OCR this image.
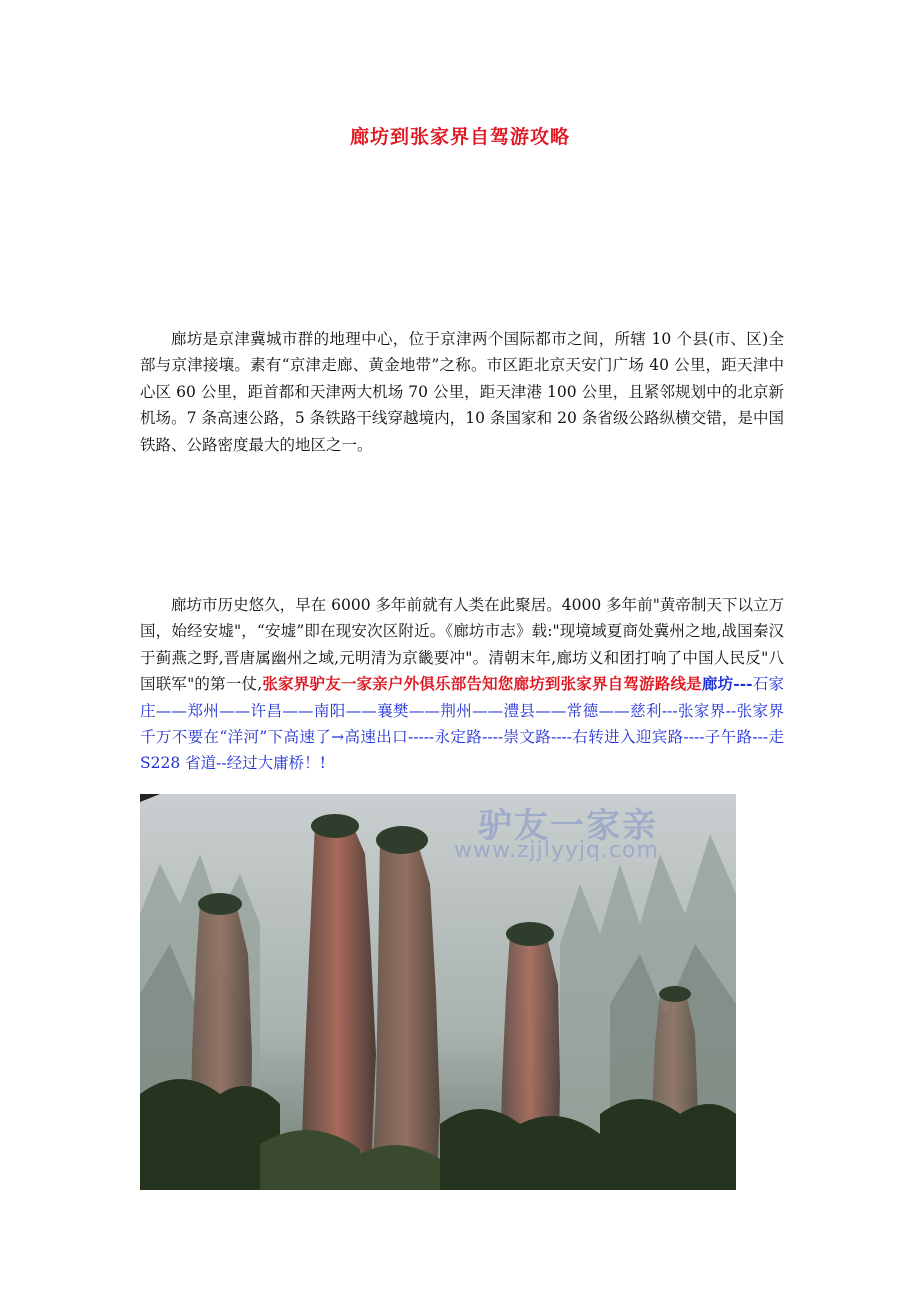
廊坊到张家界自驾游攻略

廊坊是京津冀城市群的地理中心，位于京津两个国际都市之间，所辖 10 个县(市、区)全部与京津接壤。素有“京津走廊、黄金地带”之称。市区距北京天安门广场 40 公里，距天津中心区 60 公里，距首都和天津两大机场 70 公里，距天津港 100 公里，且紧邻规划中的北京新机场。7 条高速公路，5 条铁路干线穿越境内，10 条国家和 20 条省级公路纵横交错，是中国铁路、公路密度最大的地区之一。

廊坊市历史悠久，早在 6000 多年前就有人类在此聚居。4000 多年前"黄帝制天下以立万国，始经安墟"，“安墟”即在现安次区附近。《廊坊市志》载:"现境域夏商处冀州之地,战国秦汉于蓟燕之野,晋唐属幽州之域,元明清为京畿要冲"。清朝末年,廊坊义和团打响了中国人民反"八国联军"的第一仗,张家界驴友一家亲户外俱乐部告知您廊坊到张家界自驾游路线是廊坊---石家庄——郑州——许昌——南阳——襄樊——荆州——澧县——常德——慈利---张家界--张家界千万不要在“洋河”下高速了→高速出口-----永定路----崇文路----右转进入迎宾路----子午路---走 S228 省道--经过大庸桥！!

驴友一家亲
www.zjjlyyjq.com
